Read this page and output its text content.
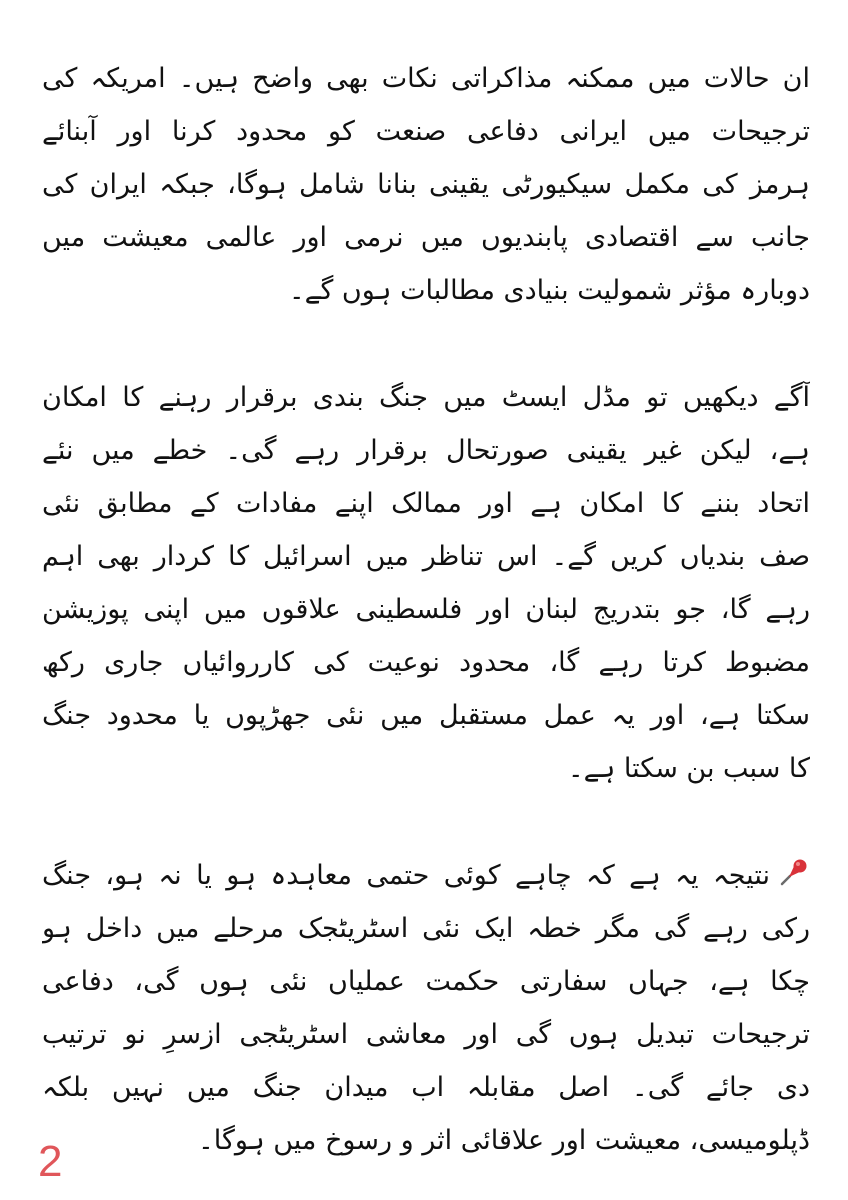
ان حالات میں ممکنہ مذاکراتی نکات بھی واضح ہیں۔ امریکہ کی
ترجیحات میں ایرانی دفاعی صنعت کو محدود کرنا اور آبنائے
ہرمز کی مکمل سیکیورٹی یقینی بنانا شامل ہوگا، جبکہ ایران کی
جانب سے اقتصادی پابندیوں میں نرمی اور عالمی معیشت میں
دوبارہ مؤثر شمولیت بنیادی مطالبات ہوں گے۔
آگے دیکھیں تو مڈل ایسٹ میں جنگ بندی برقرار رہنے کا امکان
ہے، لیکن غیر یقینی صورتحال برقرار رہے گی۔ خطے میں نئے
اتحاد بننے کا امکان ہے اور ممالک اپنے مفادات کے مطابق نئی
صف بندیاں کریں گے۔ اس تناظر میں اسرائیل کا کردار بھی اہم
رہے گا، جو بتدریج لبنان اور فلسطینی علاقوں میں اپنی پوزیشن
مضبوط کرتا رہے گا، محدود نوعیت کی کارروائیاں جاری رکھ
سکتا ہے، اور یہ عمل مستقبل میں نئی جھڑپوں یا محدود جنگ
کا سبب بن سکتا ہے۔
نتیجہ یہ ہے کہ چاہے کوئی حتمی معاہدہ ہو یا نہ ہو، جنگ
رکی رہے گی مگر خطہ ایک نئی اسٹریٹجک مرحلے میں داخل ہو
چکا ہے، جہاں سفارتی حکمت عملیاں نئی ہوں گی، دفاعی
ترجیحات تبدیل ہوں گی اور معاشی اسٹریٹجی ازسرِ نو ترتیب
دی جائے گی۔ اصل مقابلہ اب میدان جنگ میں نہیں بلکہ
ڈپلومیسی، معیشت اور علاقائی اثر و رسوخ میں ہوگا۔
2
